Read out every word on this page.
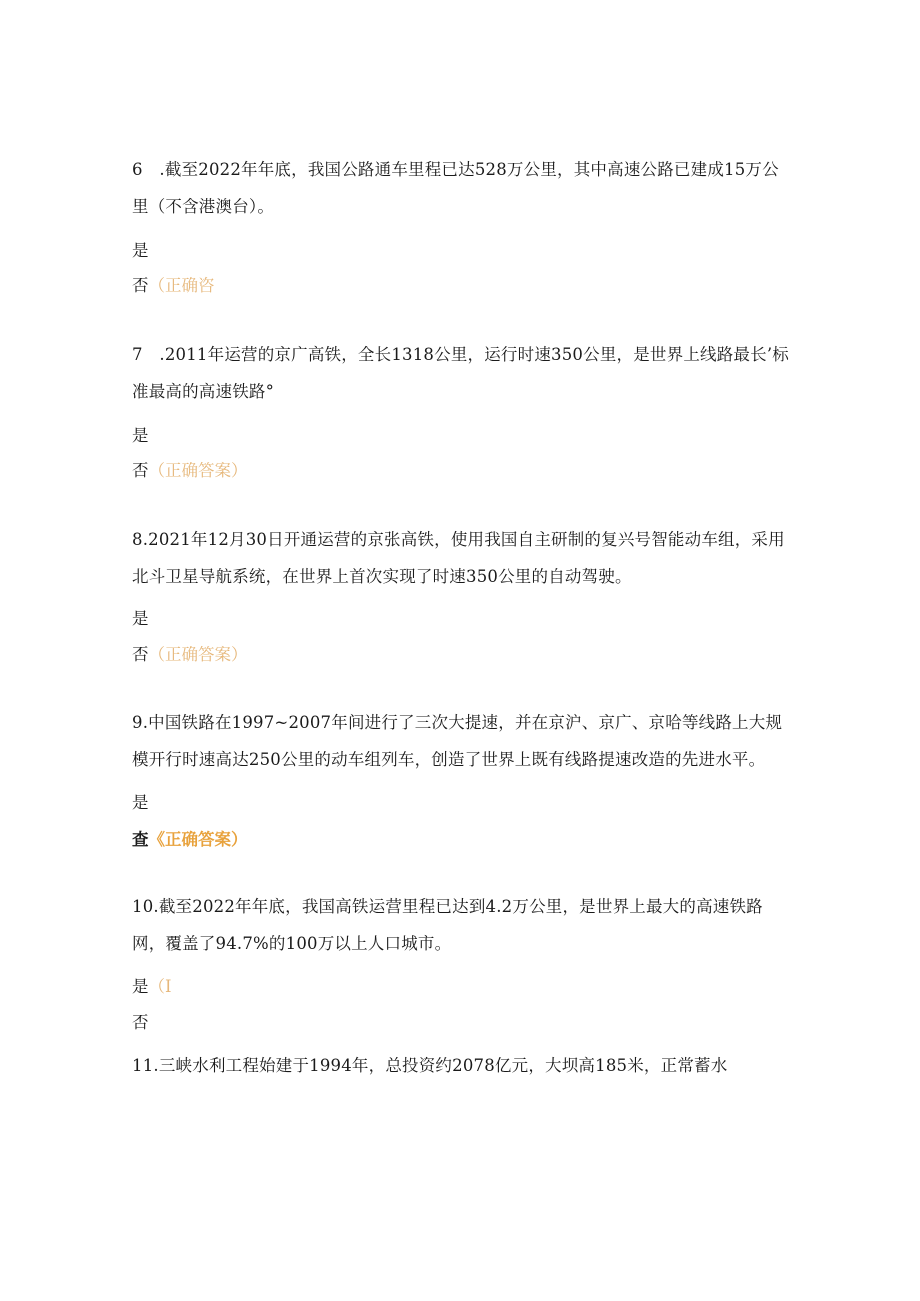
6　.截至2022年年底，我国公路通车里程已达528万公里，其中高速公路已建成15万公里（不含港澳台）。

是

否（正确咨

7　.2011年运营的京广高铁，全长1318公里，运行时速350公里，是世界上线路最长’标准最高的高速铁路°

是

否（正确答案）

8.2021年12月30日开通运营的京张高铁，使用我国自主研制的复兴号智能动车组，采用北斗卫星导航系统，在世界上首次实现了时速350公里的自动驾驶。

是

否（正确答案）

9.中国铁路在1997~2007年间进行了三次大提速，并在京沪、京广、京哈等线路上大规模开行时速高达250公里的动车组列车，创造了世界上既有线路提速改造的先进水平。

是

查《正确答案）

10.截至2022年年底，我国高铁运营里程已达到4.2万公里，是世界上最大的高速铁路网，覆盖了94.7%的100万以上人口城市。

是（I

否

11.三峡水利工程始建于1994年，总投资约2078亿元，大坝高185米，正常蓄水
